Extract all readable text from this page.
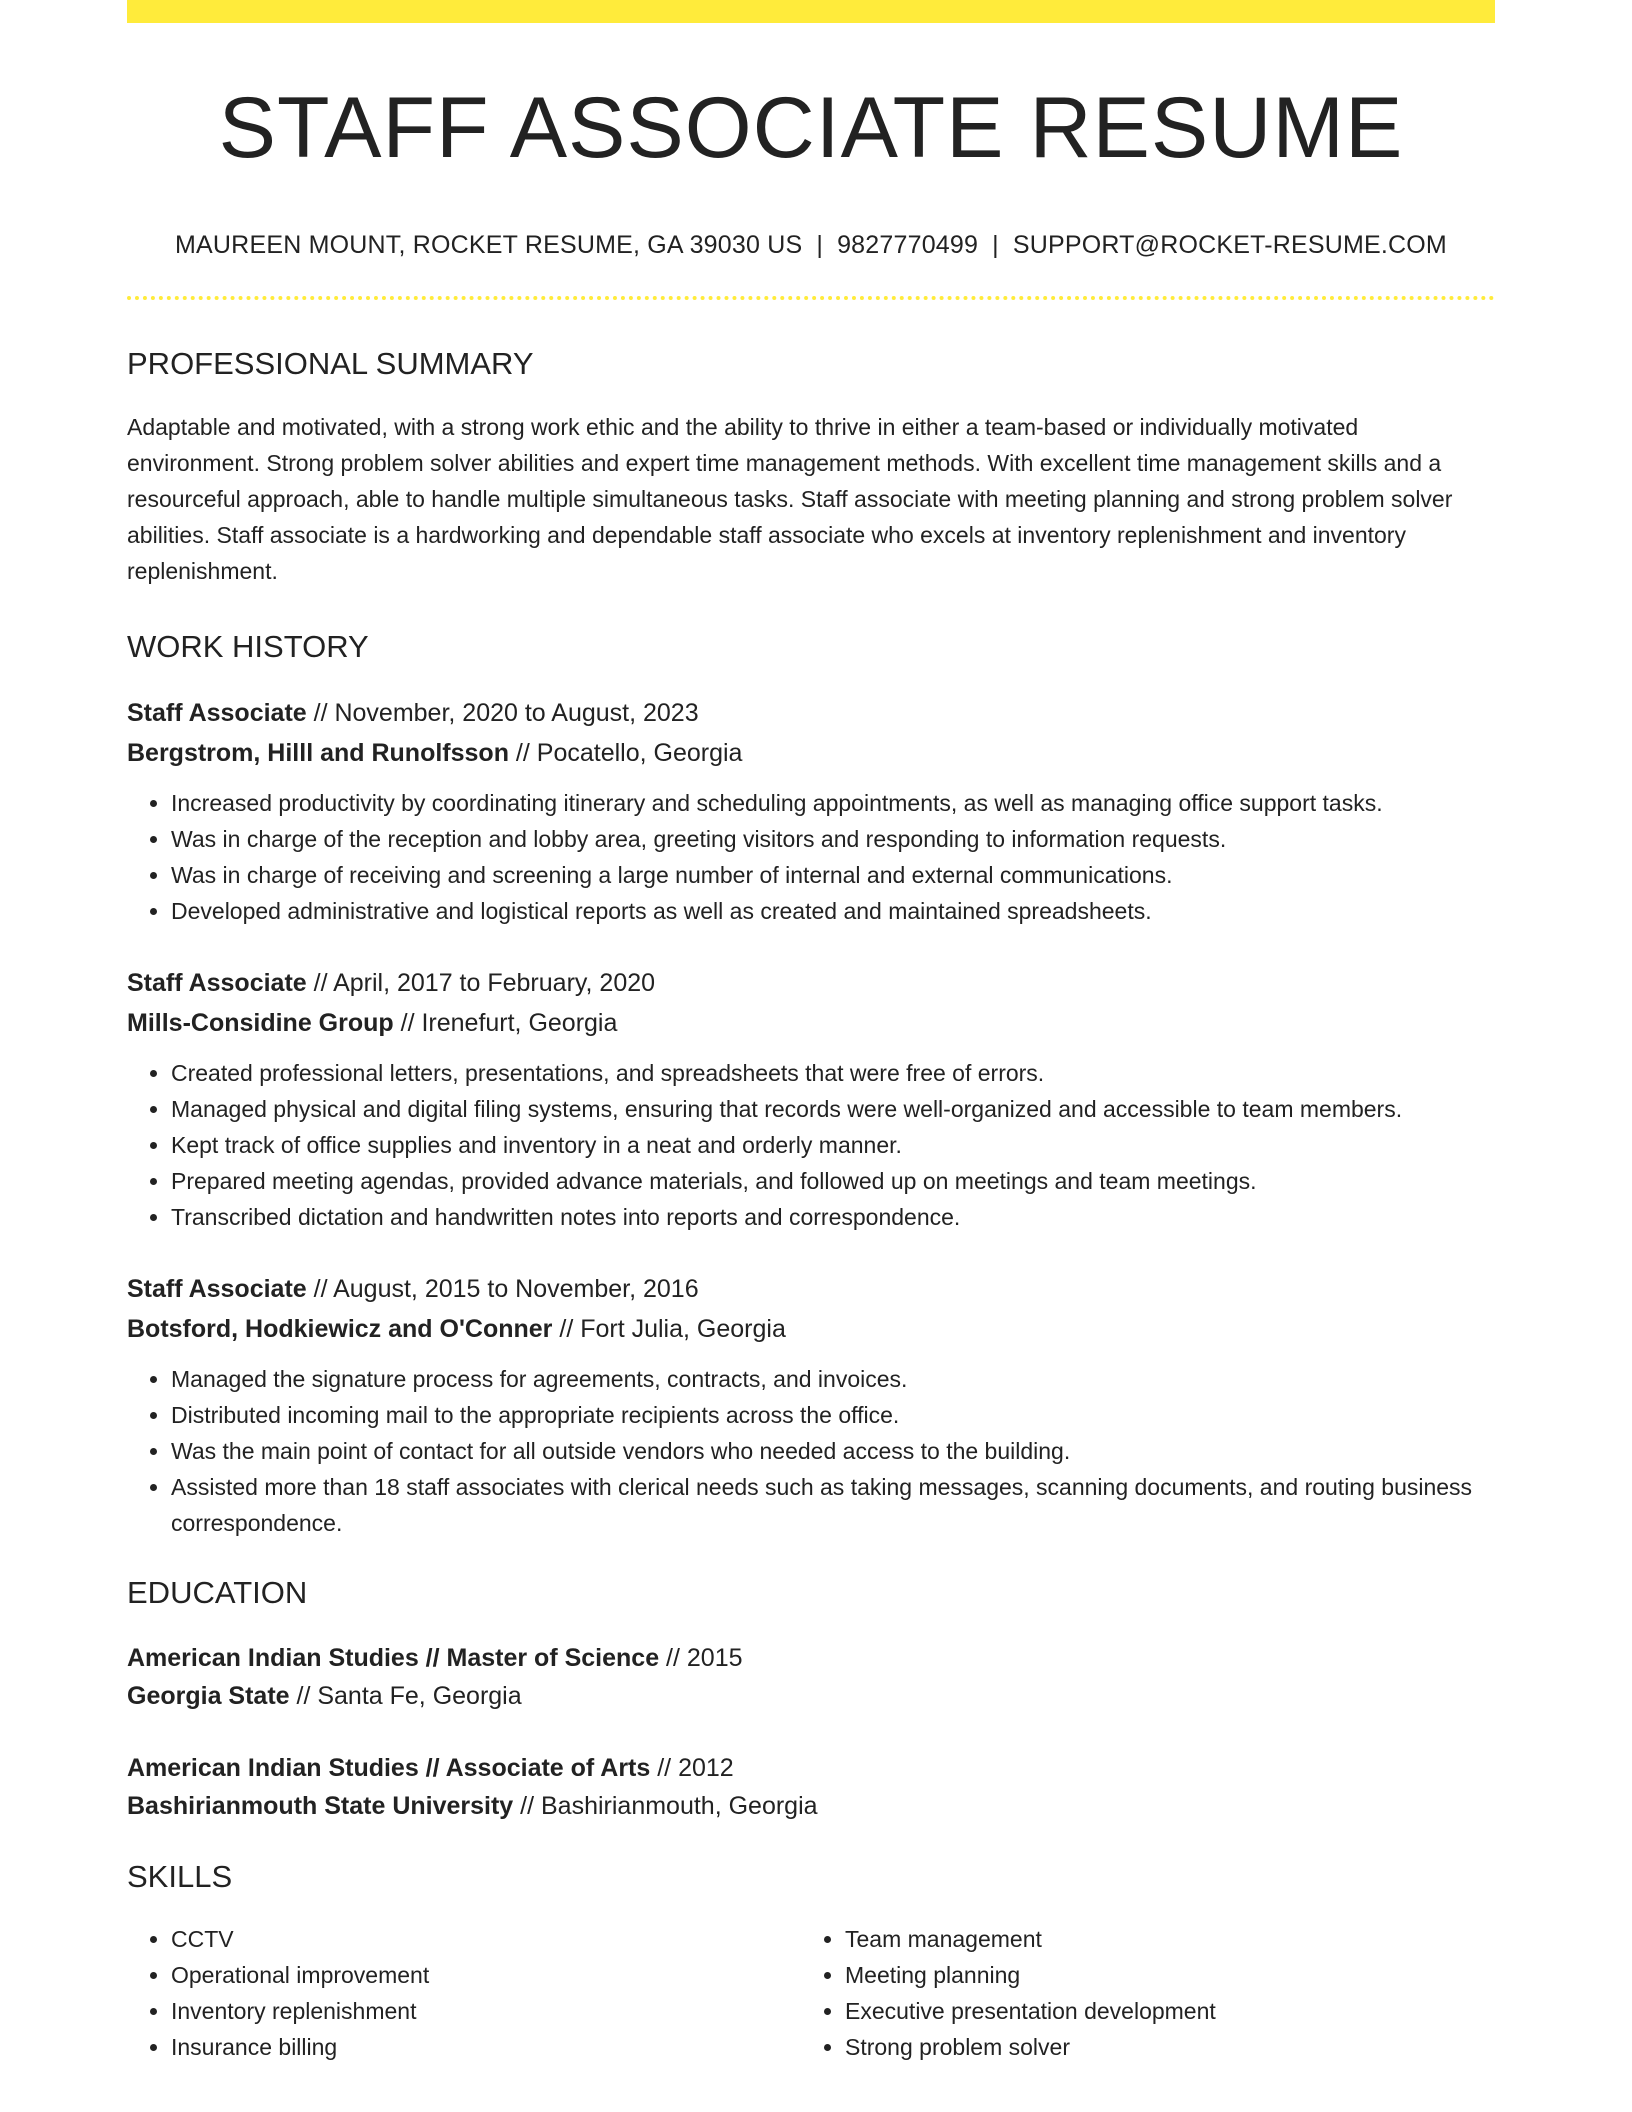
STAFF ASSOCIATE RESUME
MAUREEN MOUNT, ROCKET RESUME, GA 39030 US | 9827770499 | SUPPORT@ROCKET-RESUME.COM
PROFESSIONAL SUMMARY

Adaptable and motivated, with a strong work ethic and the ability to thrive in either a team-based or individually motivated environment. Strong problem solver abilities and expert time management methods. With excellent time management skills and a resourceful approach, able to handle multiple simultaneous tasks. Staff associate with meeting planning and strong problem solver abilities. Staff associate is a hardworking and dependable staff associate who excels at inventory replenishment and inventory replenishment.

WORK HISTORY
Staff Associate // November, 2020 to August, 2023
Bergstrom, Hilll and Runolfsson // Pocatello, Georgia
• Increased productivity by coordinating itinerary and scheduling appointments, as well as managing office support tasks.
• Was in charge of the reception and lobby area, greeting visitors and responding to information requests.
• Was in charge of receiving and screening a large number of internal and external communications.
• Developed administrative and logistical reports as well as created and maintained spreadsheets.
Staff Associate // April, 2017 to February, 2020
Mills-Considine Group // Irenefurt, Georgia
• Created professional letters, presentations, and spreadsheets that were free of errors.
• Managed physical and digital filing systems, ensuring that records were well-organized and accessible to team members.
• Kept track of office supplies and inventory in a neat and orderly manner.
• Prepared meeting agendas, provided advance materials, and followed up on meetings and team meetings.
• Transcribed dictation and handwritten notes into reports and correspondence.
Staff Associate // August, 2015 to November, 2016
Botsford, Hodkiewicz and O'Conner // Fort Julia, Georgia
• Managed the signature process for agreements, contracts, and invoices.
• Distributed incoming mail to the appropriate recipients across the office.
• Was the main point of contact for all outside vendors who needed access to the building.
• Assisted more than 18 staff associates with clerical needs such as taking messages, scanning documents, and routing business correspondence.
EDUCATION
American Indian Studies // Master of Science // 2015
Georgia State // Santa Fe, Georgia
American Indian Studies // Associate of Arts // 2012
Bashirianmouth State University // Bashirianmouth, Georgia
SKILLS
• CCTV
• Operational improvement
• Inventory replenishment
• Insurance billing
• Team management
• Meeting planning
• Executive presentation development
• Strong problem solver
